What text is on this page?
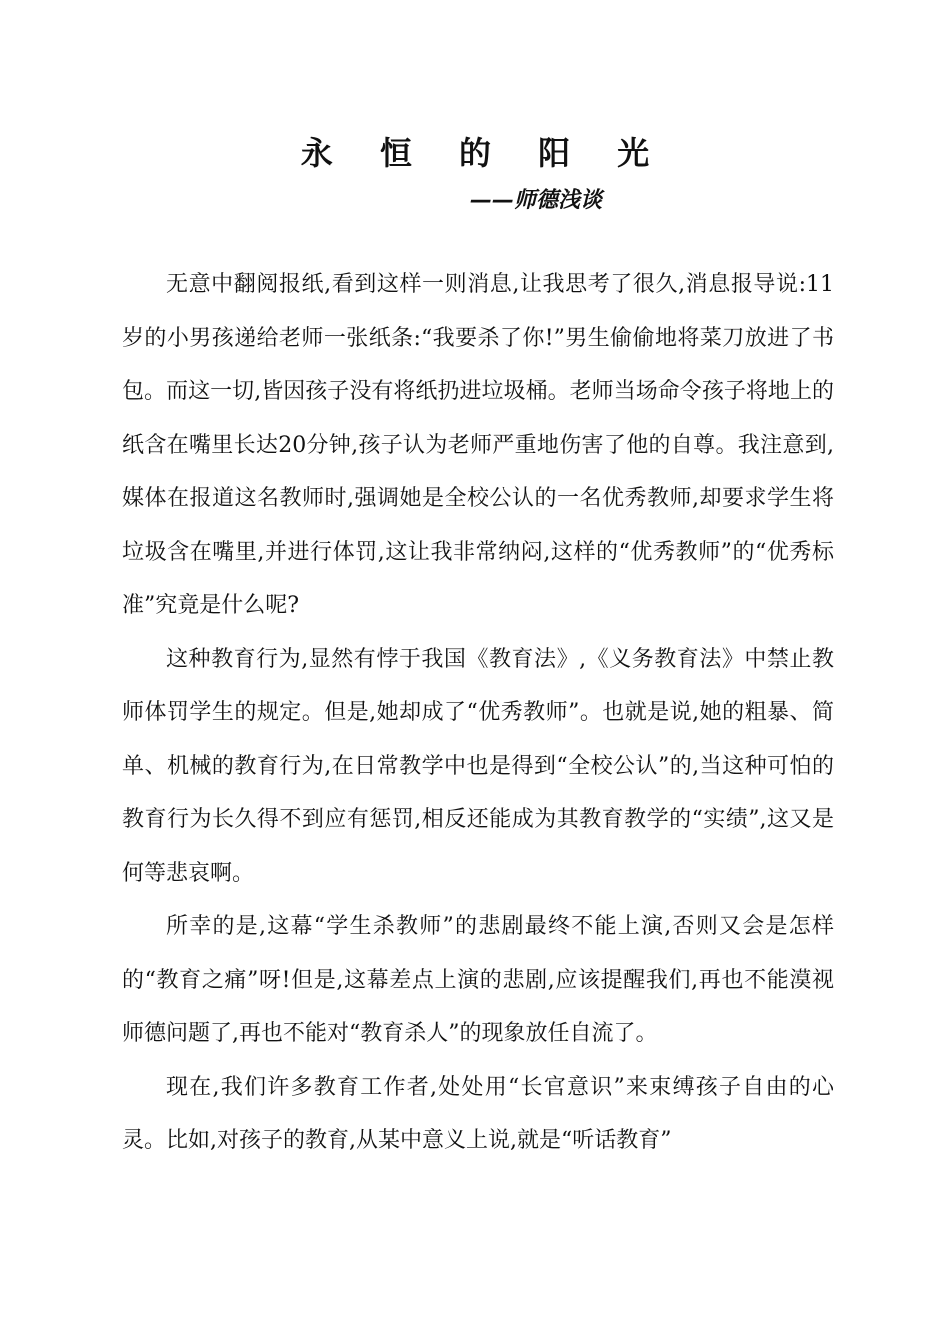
永 恒 的 阳 光
——师德浅谈

无意中翻阅报纸,看到这样一则消息,让我思考了很久,消息报导说:11岁的小男孩递给老师一张纸条:“我要杀了你!”男生偷偷地将菜刀放进了书包。而这一切,皆因孩子没有将纸扔进垃圾桶。老师当场命令孩子将地上的纸含在嘴里长达20分钟,孩子认为老师严重地伤害了他的自尊。我注意到,媒体在报道这名教师时,强调她是全校公认的一名优秀教师,却要求学生将垃圾含在嘴里,并进行体罚,这让我非常纳闷,这样的“优秀教师”的“优秀标准”究竟是什么呢?

这种教育行为,显然有悖于我国《教育法》,《义务教育法》中禁止教师体罚学生的规定。但是,她却成了“优秀教师”。也就是说,她的粗暴、简单、机械的教育行为,在日常教学中也是得到“全校公认”的,当这种可怕的教育行为长久得不到应有惩罚,相反还能成为其教育教学的“实绩”,这又是何等悲哀啊。

所幸的是,这幕“学生杀教师”的悲剧最终不能上演,否则又会是怎样的“教育之痛”呀!但是,这幕差点上演的悲剧,应该提醒我们,再也不能漠视师德问题了,再也不能对“教育杀人”的现象放任自流了。

现在,我们许多教育工作者,处处用“长官意识”来束缚孩子自由的心灵。比如,对孩子的教育,从某中意义上说,就是“听话教育”
